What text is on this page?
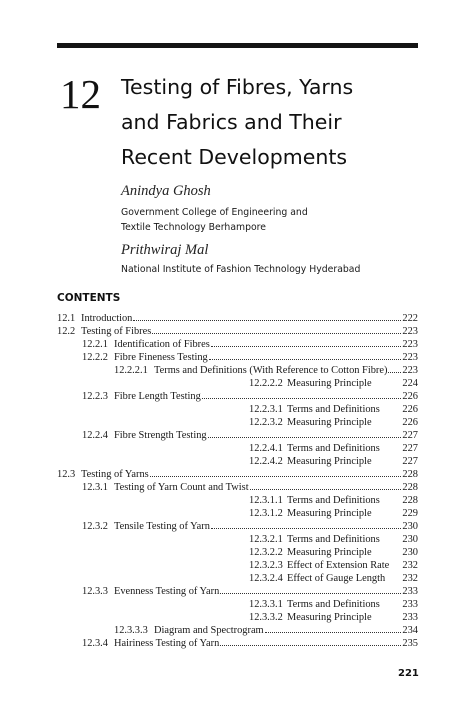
12 Testing of Fibres, Yarns
and Fabrics and Their
Recent Developments
Anindya Ghosh
Government College of Engineering and
Textile Technology Berhampore
Prithwiraj Mal
National Institute of Fashion Technology Hyderabad
CONTENTS
12.1 Introduction	222
12.2 Testing of Fibres	223
12.2.1 Identification of Fibres	223
12.2.2 Fibre Fineness Testing	223
12.2.2.1 Terms and Definitions (With Reference to Cotton Fibre) 223
12.2.2.2 Measuring Principle	224
12.2.3 Fibre Length Testing	226
12.2.3.1 Terms and Definitions	226
12.2.3.2 Measuring Principle	226
12.2.4 Fibre Strength Testing	227
12.2.4.1 Terms and Definitions	227
12.2.4.2 Measuring Principle	227
12.3 Testing of Yarns	228
12.3.1 Testing of Yarn Count and Twist	228
12.3.1.1 Terms and Definitions	228
12.3.1.2 Measuring Principle	229
12.3.2 Tensile Testing of Yarn	230
12.3.2.1 Terms and Definitions	230
12.3.2.2 Measuring Principle	230
12.3.2.3 Effect of Extension Rate	232
12.3.2.4 Effect of Gauge Length	232
12.3.3 Evenness Testing of Yarn	233
12.3.3.1 Terms and Definitions	233
12.3.3.2 Measuring Principle	233
12.3.3.3 Diagram and Spectrogram	234
12.3.4 Hairiness Testing of Yarn	235
221
